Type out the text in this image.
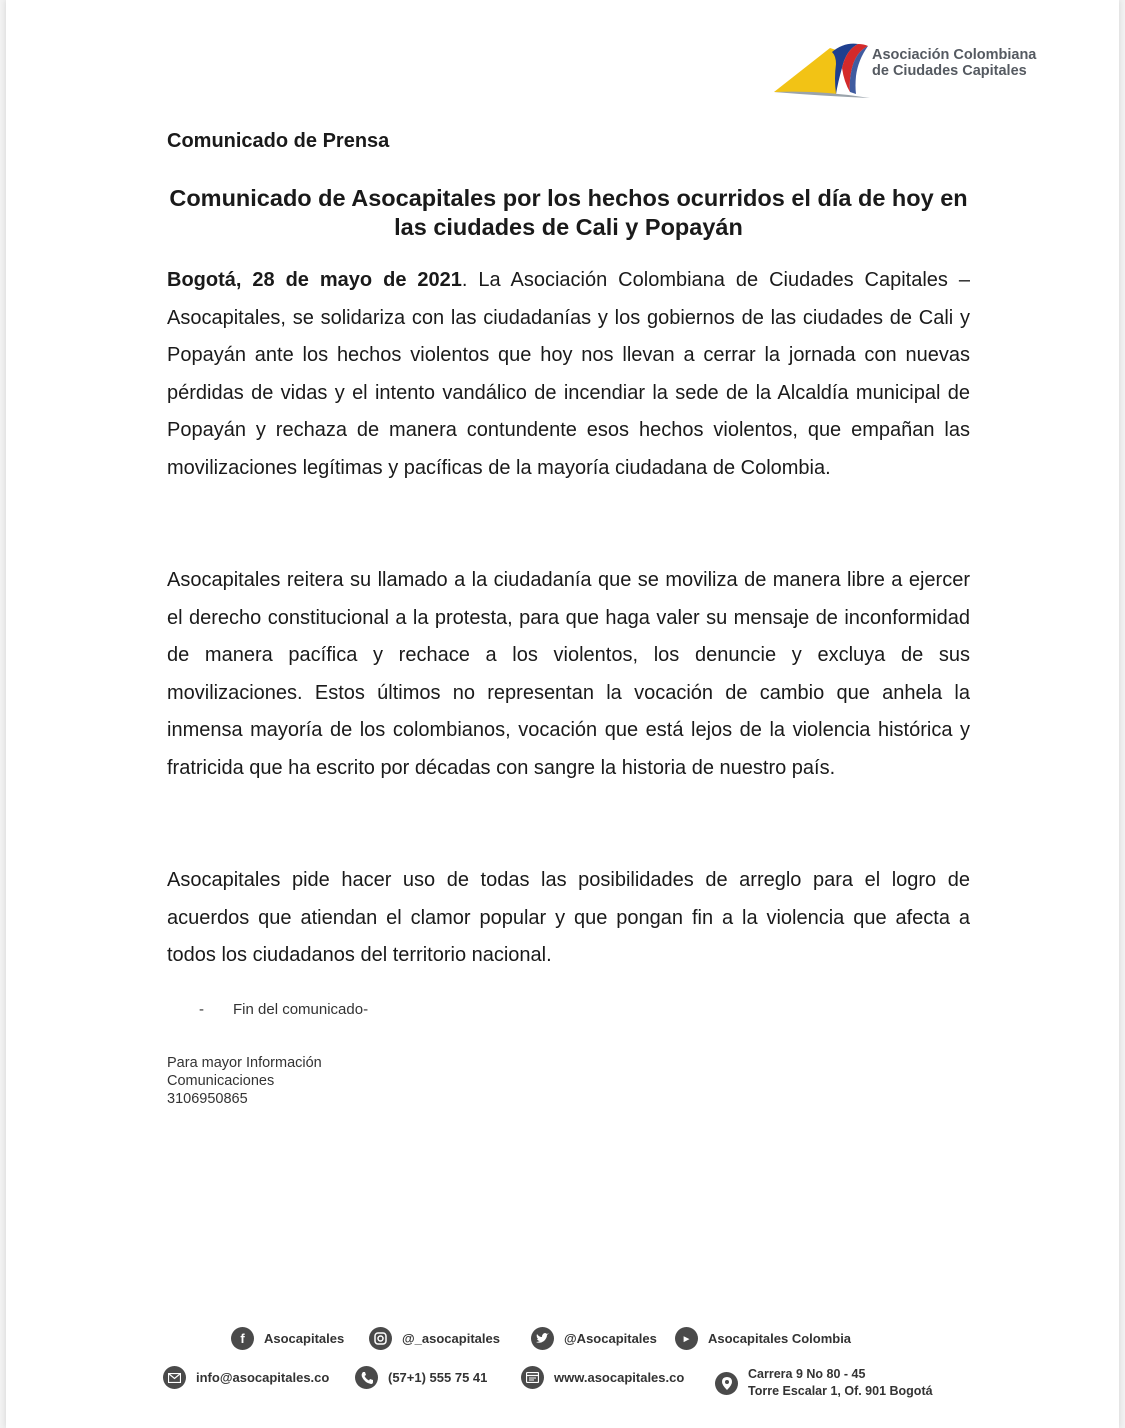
Asociación Colombiana
de Ciudades Capitales
Comunicado de Prensa
Comunicado de Asocapitales por los hechos ocurridos el día de hoy en las ciudades de Cali y Popayán

Bogotá, 28 de mayo de 2021. La Asociación Colombiana de Ciudades Capitales – Asocapitales, se solidariza con las ciudadanías y los gobiernos de las ciudades de Cali y Popayán ante los hechos violentos que hoy nos llevan a cerrar la jornada con nuevas pérdidas de vidas y el intento vandálico de incendiar la sede de la Alcaldía municipal de Popayán y rechaza de manera contundente esos hechos violentos, que empañan las movilizaciones legítimas y pacíficas de la mayoría ciudadana de Colombia.

Asocapitales reitera su llamado a la ciudadanía que se moviliza de manera libre a ejercer el derecho constitucional a la protesta, para que haga valer su mensaje de inconformidad de manera pacífica y rechace a los violentos, los denuncie y excluya de sus movilizaciones. Estos últimos no representan la vocación de cambio que anhela la inmensa mayoría de los colombianos, vocación que está lejos de la violencia histórica y fratricida que ha escrito por décadas con sangre la historia de nuestro país.

Asocapitales pide hacer uso de todas las posibilidades de arreglo para el logro de acuerdos que atiendan el clamor popular y que pongan fin a la violencia que afecta a todos los ciudadanos del territorio nacional.

- Fin del comunicado-
Para mayor Información
Comunicaciones
3106950865
f	Asocapitales	@_asocapitales	@Asocapitales	▶	Asocapitales Colombia
info@asocapitales.co	(57+1) 555 75 41	www.asocapitales.co	Carrera 9 No 80 - 45
Torre Escalar 1, Of. 901 Bogotá
